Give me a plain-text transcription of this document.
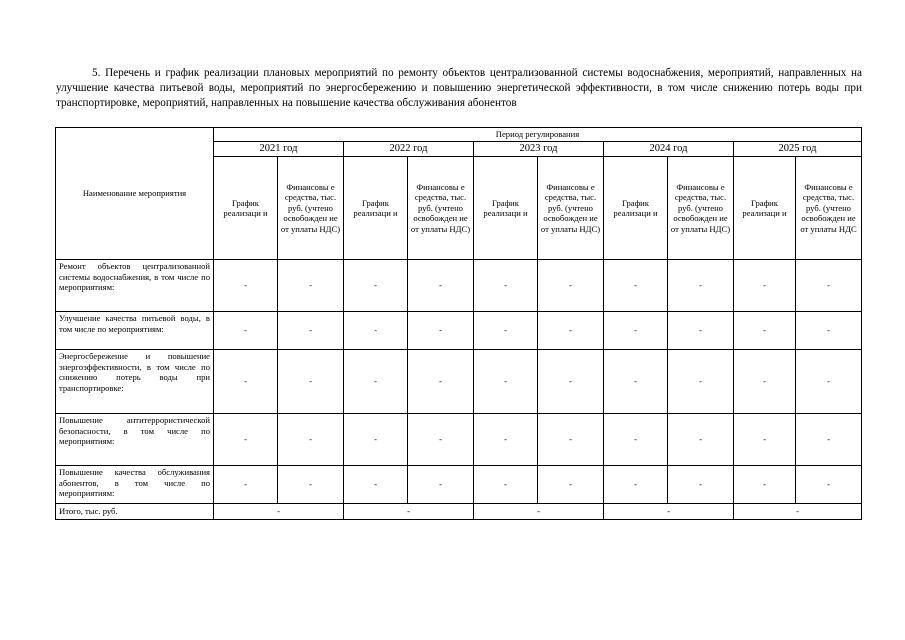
5. Перечень и график реализации плановых мероприятий по ремонту объектов централизованной системы водоснабжения, мероприятий, направленных на улучшение качества питьевой воды, мероприятий по энергосбережению и повышению энергетической эффективности, в том числе снижению потерь воды при транспортировке, мероприятий, направленных на повышение качества обслуживания абонентов

Наименование мероприятия	Период регулирования									
	2021 год		2022 год		2023 год		2024 год		2025 год	
	График реализаци и	Финансовы е средства, тыс. руб. (учтено освобожден ие от уплаты НДС)	График реализаци и	Финансовы е средства, тыс. руб. (учтено освобожден ие от уплаты НДС)	График реализаци и	Финансовы е средства, тыс. руб. (учтено освобожден ие от уплаты НДС)	График реализаци и	Финансовы е средства, тыс. руб. (учтено освобожден ие от уплаты НДС)	График реализаци и	Финансовы е средства, тыс. руб. (учтено освобожден ие от уплаты НДС
Ремонт объектов централизованной системы водоснабжения, в том числе по мероприятиям:	-	-	-	-	-	-	-	-	-	-
Улучшение качества питьевой воды, в том числе по мероприятиям:	-	-	-	-	-	-	-	-	-	-
Энергосбережение и повышение энергоэффективности, в том числе по снижению потерь воды при транспортировке:	-	-	-	-	-	-	-	-	-	-
Повышение антитеррористической безопасности, в том числе по мероприятиям:	-	-	-	-	-	-	-	-	-	-
Повышение качества обслуживания абонентов, в том числе по мероприятиям:	-	-	-	-	-	-	-	-	-	-
Итого, тыс. руб.	-		-		-		-		-	
